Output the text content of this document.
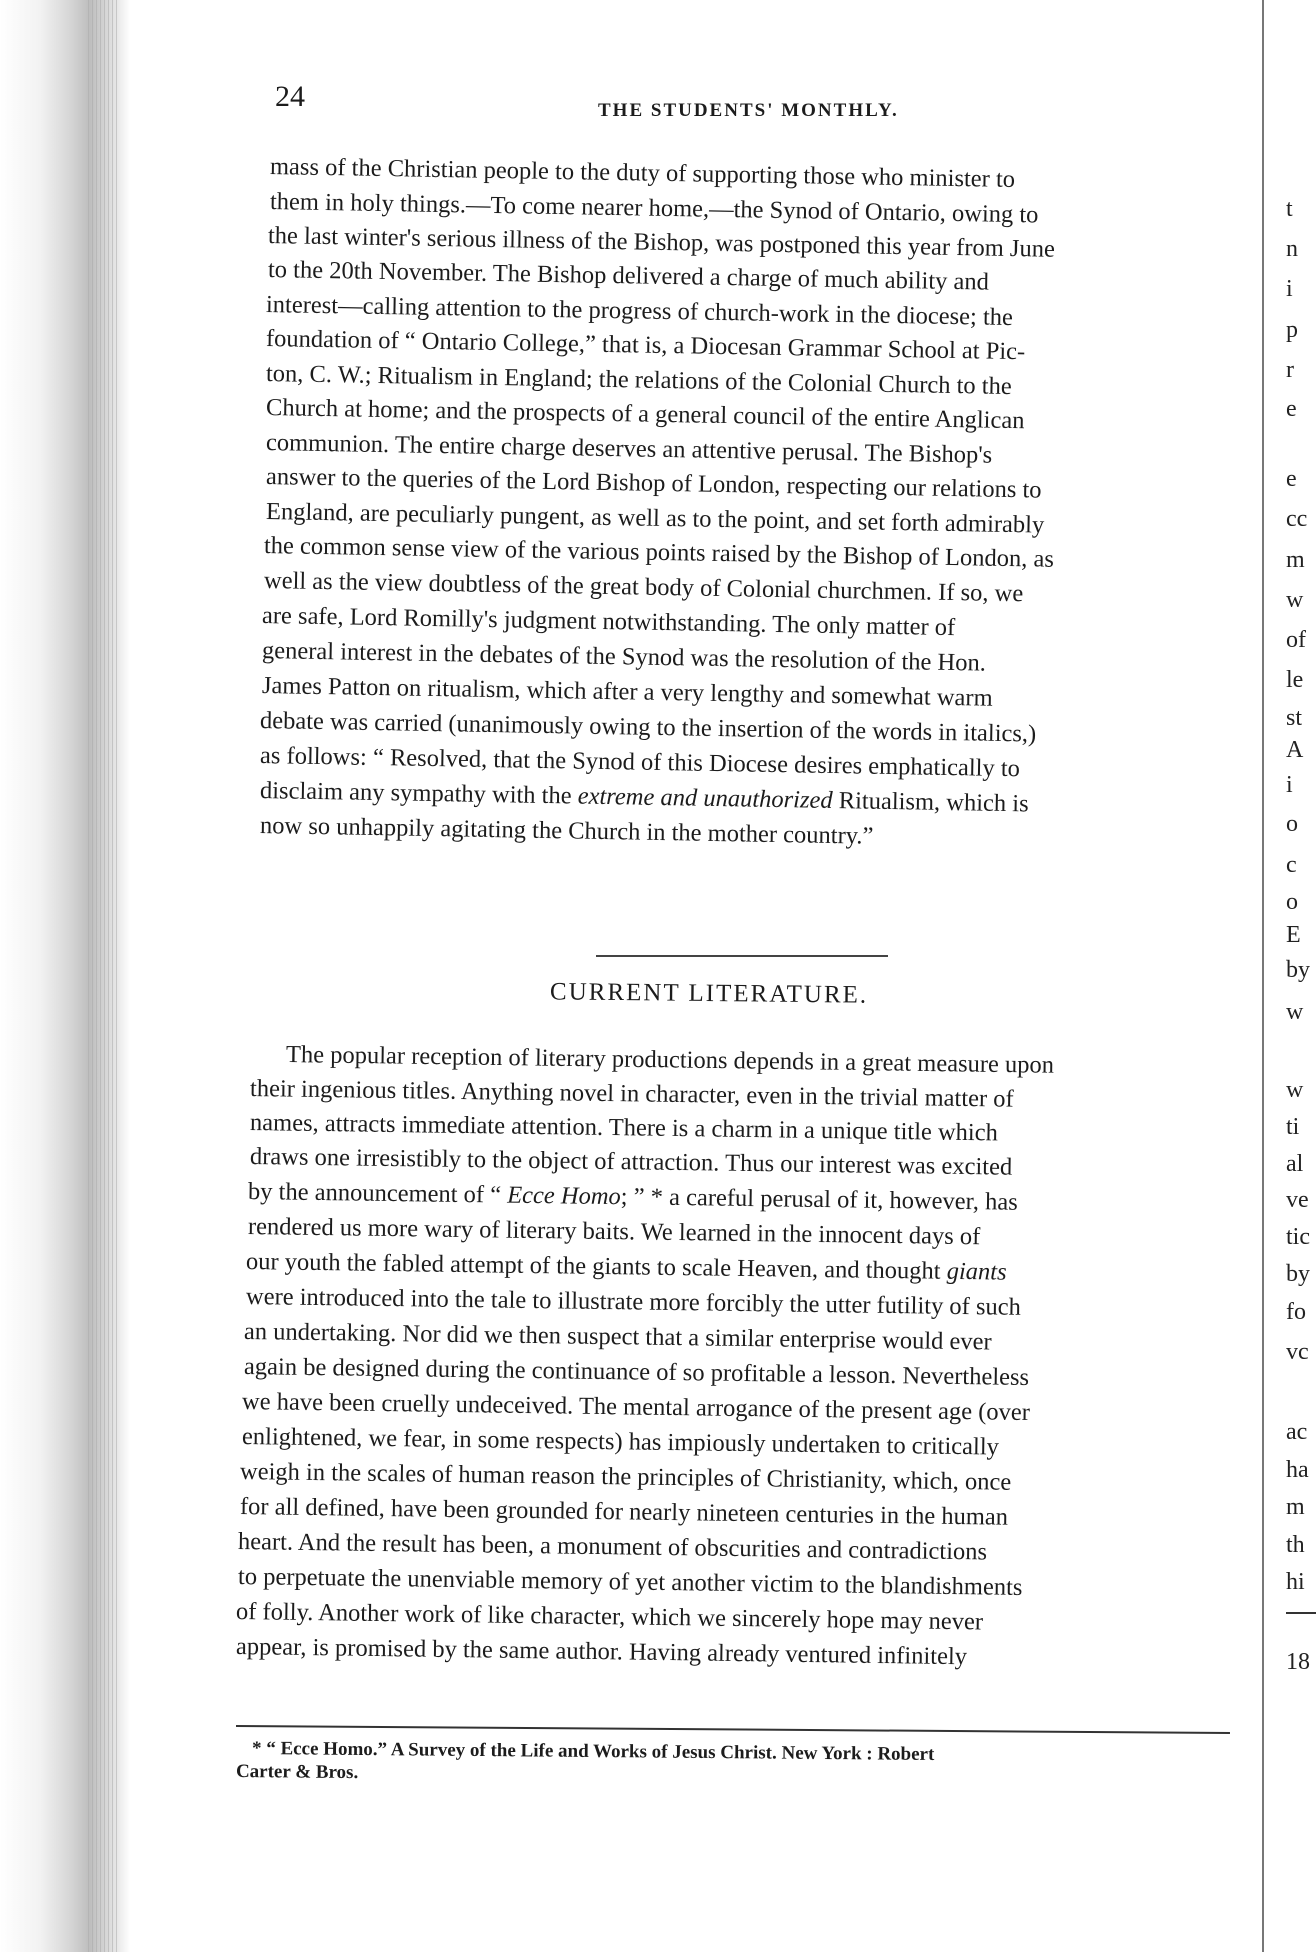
t
n
i
p
r
e
e
cc
m
w
of
le
st
A
i
o
c
o
E
by
w
w
ti
al
ve
tic
by
fo
vc
ac
ha
m
th
hi
18
24	THE STUDENTS' MONTHLY.
mass of the Christian people to the duty of supporting those who minister to
them in holy things.—To come nearer home,—the Synod of Ontario, owing to
the last winter's serious illness of the Bishop, was postponed this year from June
to the 20th November. The Bishop delivered a charge of much ability and
interest—calling attention to the progress of church-work in the diocese; the
foundation of “ Ontario College,” that is, a Diocesan Grammar School at Pic-
ton, C. W.; Ritualism in England; the relations of the Colonial Church to the
Church at home; and the prospects of a general council of the entire Anglican
communion. The entire charge deserves an attentive perusal. The Bishop's
answer to the queries of the Lord Bishop of London, respecting our relations to
England, are peculiarly pungent, as well as to the point, and set forth admirably
the common sense view of the various points raised by the Bishop of London, as
well as the view doubtless of the great body of Colonial churchmen. If so, we
are safe, Lord Romilly's judgment notwithstanding. The only matter of
general interest in the debates of the Synod was the resolution of the Hon.
James Patton on ritualism, which after a very lengthy and somewhat warm
debate was carried (unanimously owing to the insertion of the words in italics,)
as follows: “ Resolved, that the Synod of this Diocese desires emphatically to
disclaim any sympathy with the extreme and unauthorized Ritualism, which is
now so unhappily agitating the Church in the mother country.”
CURRENT LITERATURE.
The popular reception of literary productions depends in a great measure upon
their ingenious titles. Anything novel in character, even in the trivial matter of
names, attracts immediate attention. There is a charm in a unique title which
draws one irresistibly to the object of attraction. Thus our interest was excited
by the announcement of “ Ecce Homo; ” * a careful perusal of it, however, has
rendered us more wary of literary baits. We learned in the innocent days of
our youth the fabled attempt of the giants to scale Heaven, and thought giants
were introduced into the tale to illustrate more forcibly the utter futility of such
an undertaking. Nor did we then suspect that a similar enterprise would ever
again be designed during the continuance of so profitable a lesson. Nevertheless
we have been cruelly undeceived. The mental arrogance of the present age (over
enlightened, we fear, in some respects) has impiously undertaken to critically
weigh in the scales of human reason the principles of Christianity, which, once
for all defined, have been grounded for nearly nineteen centuries in the human
heart. And the result has been, a monument of obscurities and contradictions
to perpetuate the unenviable memory of yet another victim to the blandishments
of folly. Another work of like character, which we sincerely hope may never
appear, is promised by the same author. Having already ventured infinitely
* “ Ecce Homo.” A Survey of the Life and Works of Jesus Christ. New York : Robert
Carter & Bros.
